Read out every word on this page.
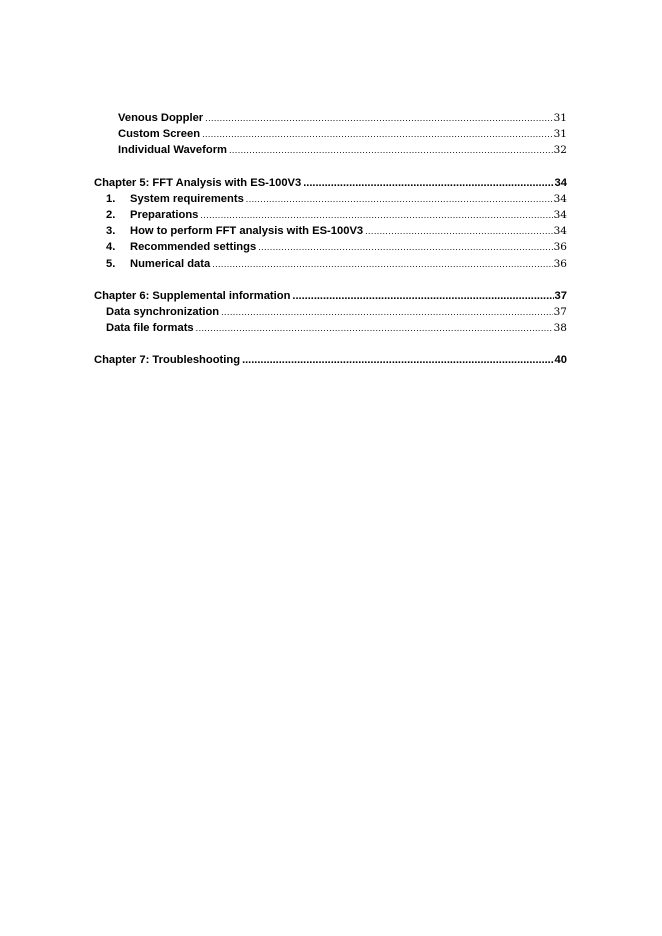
Venous Doppler .....	31
Custom Screen .....	31
Individual Waveform .....	32
Chapter 5: FFT Analysis with ES-100V3 .....	34
1.	System requirements .....	34
2.	Preparations .....	34
3.	How to perform FFT analysis with ES-100V3 .....	34
4.	Recommended settings .....	36
5.	Numerical data .....	36
Chapter 6: Supplemental information .....	37
Data synchronization .....	37
Data file formats .....	38
Chapter 7: Troubleshooting .....	40
